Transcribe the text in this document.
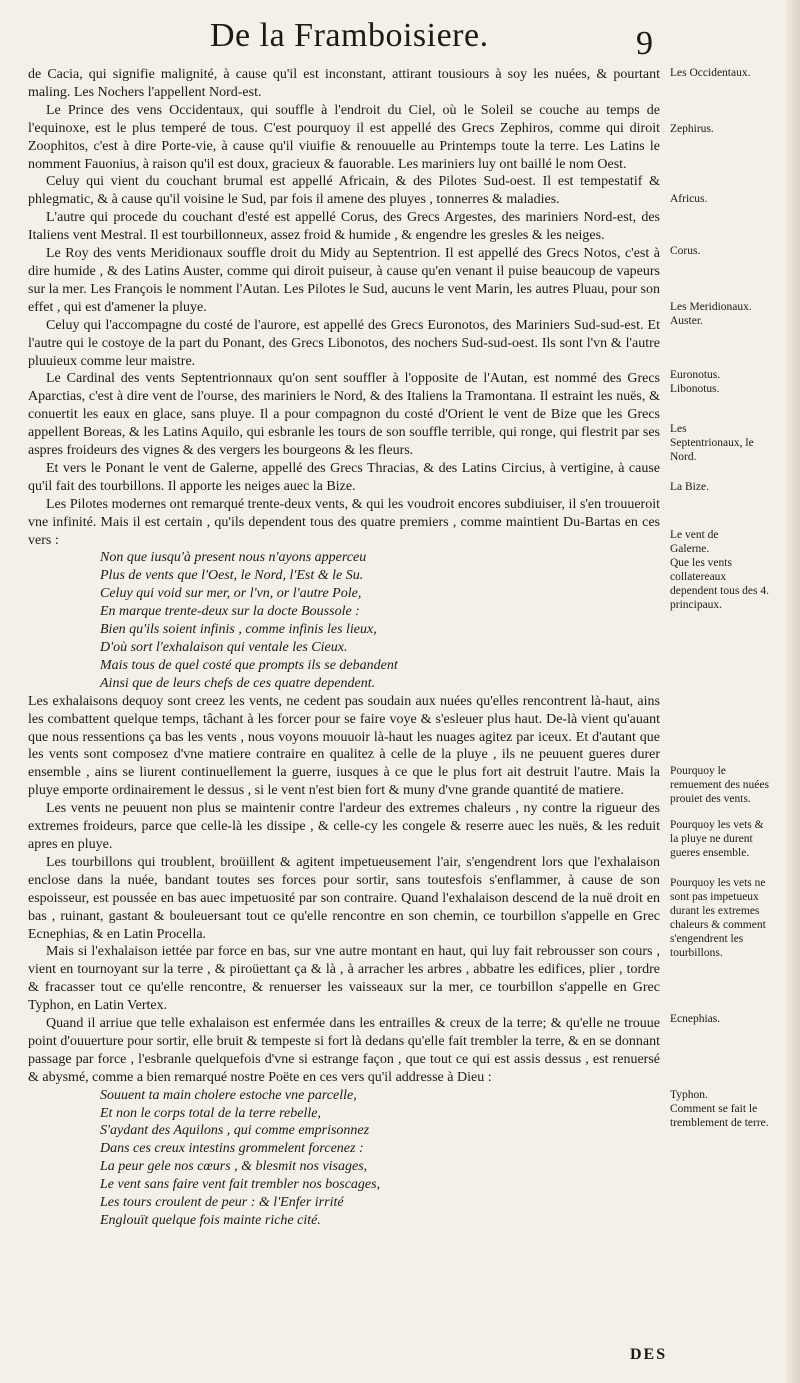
De la Framboisiere.	9

de Cacia, qui signifie malignité, à cause qu'il est inconstant, attirant tousiours à soy les nuées, & pourtant maling. Les Nochers l'appellent Nord-est.

Le Prince des vens Occidentaux, qui souffle à l'endroit du Ciel, où le Soleil se couche au temps de l'equinoxe, est le plus temperé de tous. C'est pourquoy il est appellé des Grecs Zephiros, comme qui diroit Zoophitos, c'est à dire Porte-vie, à cause qu'il viuifie & renouuelle au Printemps toute la terre. Les Latins le nomment Fauonius, à raison qu'il est doux, gracieux & fauorable. Les mariniers luy ont baillé le nom Oest.

Celuy qui vient du couchant brumal est appellé Africain, & des Pilotes Sud-oest. Il est tempestatif & phlegmatic, & à cause qu'il voisine le Sud, par fois il amene des pluyes , tonnerres & maladies.

L'autre qui procede du couchant d'esté est appellé Corus, des Grecs Argestes, des mariniers Nord-est, des Italiens vent Mestral. Il est tourbillonneux, assez froid & humide , & engendre les gresles & les neiges.

Le Roy des vents Meridionaux souffle droit du Midy au Septentrion. Il est appellé des Grecs Notos, c'est à dire humide , & des Latins Auster, comme qui diroit puiseur, à cause qu'en venant il puise beaucoup de vapeurs sur la mer. Les François le nomment l'Autan. Les Pilotes le Sud, aucuns le vent Marin, les autres Pluau, pour son effet , qui est d'amener la pluye.

Celuy qui l'accompagne du costé de l'aurore, est appellé des Grecs Euronotos, des Mariniers Sud-sud-est. Et l'autre qui le costoye de la part du Ponant, des Grecs Libonotos, des nochers Sud-sud-oest. Ils sont l'vn & l'autre pluuieux comme leur maistre.

Le Cardinal des vents Septentrionnaux qu'on sent souffler à l'opposite de l'Autan, est nommé des Grecs Aparctias, c'est à dire vent de l'ourse, des mariniers le Nord, & des Italiens la Tramontana. Il estraint les nuës, & conuertit les eaux en glace, sans pluye. Il a pour compagnon du costé d'Orient le vent de Bize que les Grecs appellent Boreas, & les Latins Aquilo, qui esbranle les tours de son souffle terrible, qui ronge, qui flestrit par ses aspres froideurs des vignes & des vergers les bourgeons & les fleurs.

Et vers le Ponant le vent de Galerne, appellé des Grecs Thracias, & des Latins Circius, à vertigine, à cause qu'il fait des tourbillons. Il apporte les neiges auec la Bize.

Les Pilotes modernes ont remarqué trente-deux vents, & qui les voudroit encores subdiuiser, il s'en trouueroit vne infinité. Mais il est certain , qu'ils dependent tous des quatre premiers , comme maintient Du-Bartas en ces vers :

Non que iusqu'à present nous n'ayons apperceu
Plus de vents que l'Oest, le Nord, l'Est & le Su.
Celuy qui void sur mer, or l'vn, or l'autre Pole,
En marque trente-deux sur la docte Boussole :
Bien qu'ils soient infinis , comme infinis les lieux,
D'où sort l'exhalaison qui ventale les Cieux.
Mais tous de quel costé que prompts ils se debandent
Ainsi que de leurs chefs de ces quatre dependent.

Les exhalaisons dequoy sont creez les vents, ne cedent pas soudain aux nuées qu'elles rencontrent là-haut, ains les combattent quelque temps, tâchant à les forcer pour se faire voye & s'esleuer plus haut. De-là vient qu'auant que nous ressentions ça bas les vents , nous voyons mouuoir là-haut les nuages agitez par iceux. Et d'autant que les vents sont composez d'vne matiere contraire en qualitez à celle de la pluye , ils ne peuuent gueres durer ensemble , ains se liurent continuellement la guerre, iusques à ce que le plus fort ait destruit l'autre. Mais la pluye emporte ordinairement le dessus , si le vent n'est bien fort & muny d'vne grande quantité de matiere.

Les vents ne peuuent non plus se maintenir contre l'ardeur des extremes chaleurs , ny contre la rigueur des extremes froideurs, parce que celle-là les dissipe , & celle-cy les congele & reserre auec les nuës, & les reduit apres en pluye.

Les tourbillons qui troublent, broüillent & agitent impetueusement l'air, s'engendrent lors que l'exhalaison enclose dans la nuée, bandant toutes ses forces pour sortir, sans toutesfois s'enflammer, à cause de son espoisseur, est poussée en bas auec impetuosité par son contraire. Quand l'exhalaison descend de la nuë droit en bas , ruinant, gastant & bouleuersant tout ce qu'elle rencontre en son chemin, ce tourbillon s'appelle en Grec Ecnephias, & en Latin Procella.

Mais si l'exhalaison iettée par force en bas, sur vne autre montant en haut, qui luy fait rebrousser son cours , vient en tournoyant sur la terre , & piroüettant ça & là , à arracher les arbres , abbatre les edifices, plier , tordre & fracasser tout ce qu'elle rencontre, & renuerser les vaisseaux sur la mer, ce tourbillon s'appelle en Grec Typhon, en Latin Vertex.

Quand il arriue que telle exhalaison est enfermée dans les entrailles & creux de la terre; & qu'elle ne trouue point d'ouuerture pour sortir, elle bruit & tempeste si fort là dedans qu'elle fait trembler la terre, & en se donnant passage par force , l'esbranle quelquefois d'vne si estrange façon , que tout ce qui est assis dessus , est renuersé & abysmé, comme a bien remarqué nostre Poëte en ces vers qu'il addresse à Dieu :

Souuent ta main cholere estoche vne parcelle,
Et non le corps total de la terre rebelle,
S'aydant des Aquilons , qui comme emprisonnez
Dans ces creux intestins grommelent forcenez :
La peur gele nos cœurs , & blesmit nos visages,
Le vent sans faire vent fait trembler nos boscages,
Les tours croulent de peur : & l'Enfer irrité
Englouït quelque fois mainte riche cité.
Les Occidentaux.
Zephirus.
Africus.
Corus.
Les Meridionaux.
Auster.
Euronotus.
Libonotus.
Les Septentrionaux, le Nord.
La Bize.
Le vent de Galerne.
Que les vents collatereaux dependent tous des 4. principaux.
Pourquoy le remuement des nuées prouiet des vents.
Pourquoy les vets & la pluye ne durent gueres ensemble.
Pourquoy les vets ne sont pas impetueux durant les extremes chaleurs & comment s'engendrent les tourbillons.
Ecnephias.
Typhon.
Comment se fait le tremblement de terre.
DES
